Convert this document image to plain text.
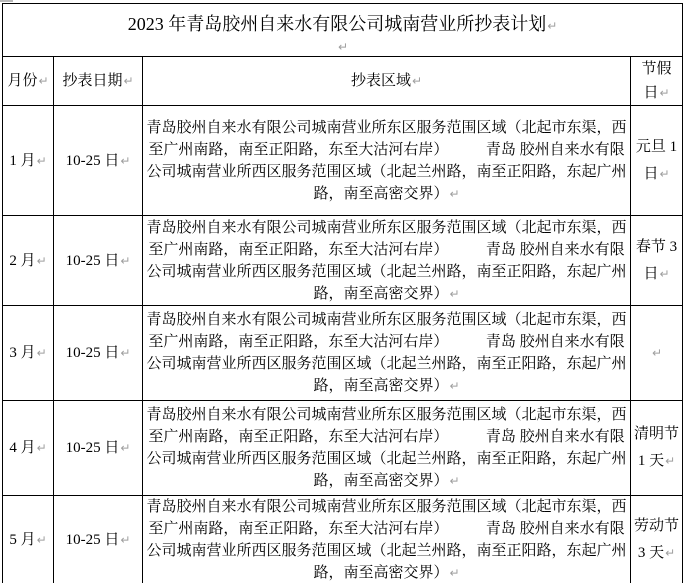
2023 年青岛胶州自来水有限公司城南营业所抄表计划↵
↵			

月份↵	抄表日期↵	抄表区域↵	节假日↵
1 月↵	10-25 日↵	青岛胶州自来水有限公司城南营业所东区服务范围区域（北起市东渠，西至广州南路，南至正阳路，东至大沽河右岸）　　　青岛 胶州自来水有限公司城南营业所西区服务范围区域（北起兰州路，南至正阳路，东起广州路，南至高密交界）↵	元旦 1 日↵
2 月↵	10-25 日↵	青岛胶州自来水有限公司城南营业所东区服务范围区域（北起市东渠，西至广州南路，南至正阳路，东至大沽河右岸）　　　青岛 胶州自来水有限公司城南营业所西区服务范围区域（北起兰州路，南至正阳路，东起广州路，南至高密交界）↵	春节 3 日↵
3 月↵	10-25 日↵	青岛胶州自来水有限公司城南营业所东区服务范围区域（北起市东渠，西至广州南路，南至正阳路，东至大沽河右岸）　　　青岛 胶州自来水有限公司城南营业所西区服务范围区域（北起兰州路，南至正阳路，东起广州路，南至高密交界）↵	↵
4 月↵	10-25 日↵	青岛胶州自来水有限公司城南营业所东区服务范围区域（北起市东渠，西至广州南路，南至正阳路，东至大沽河右岸）　　　青岛 胶州自来水有限公司城南营业所西区服务范围区域（北起兰州路，南至正阳路，东起广州路，南至高密交界）↵	清明节 1 天↵
5 月↵	10-25 日↵	青岛胶州自来水有限公司城南营业所东区服务范围区域（北起市东渠，西至广州南路，南至正阳路，东至大沽河右岸）　　　青岛 胶州自来水有限公司城南营业所西区服务范围区域（北起兰州路，南至正阳路，东起广州路，南至高密交界）↵	劳动节 3 天↵
